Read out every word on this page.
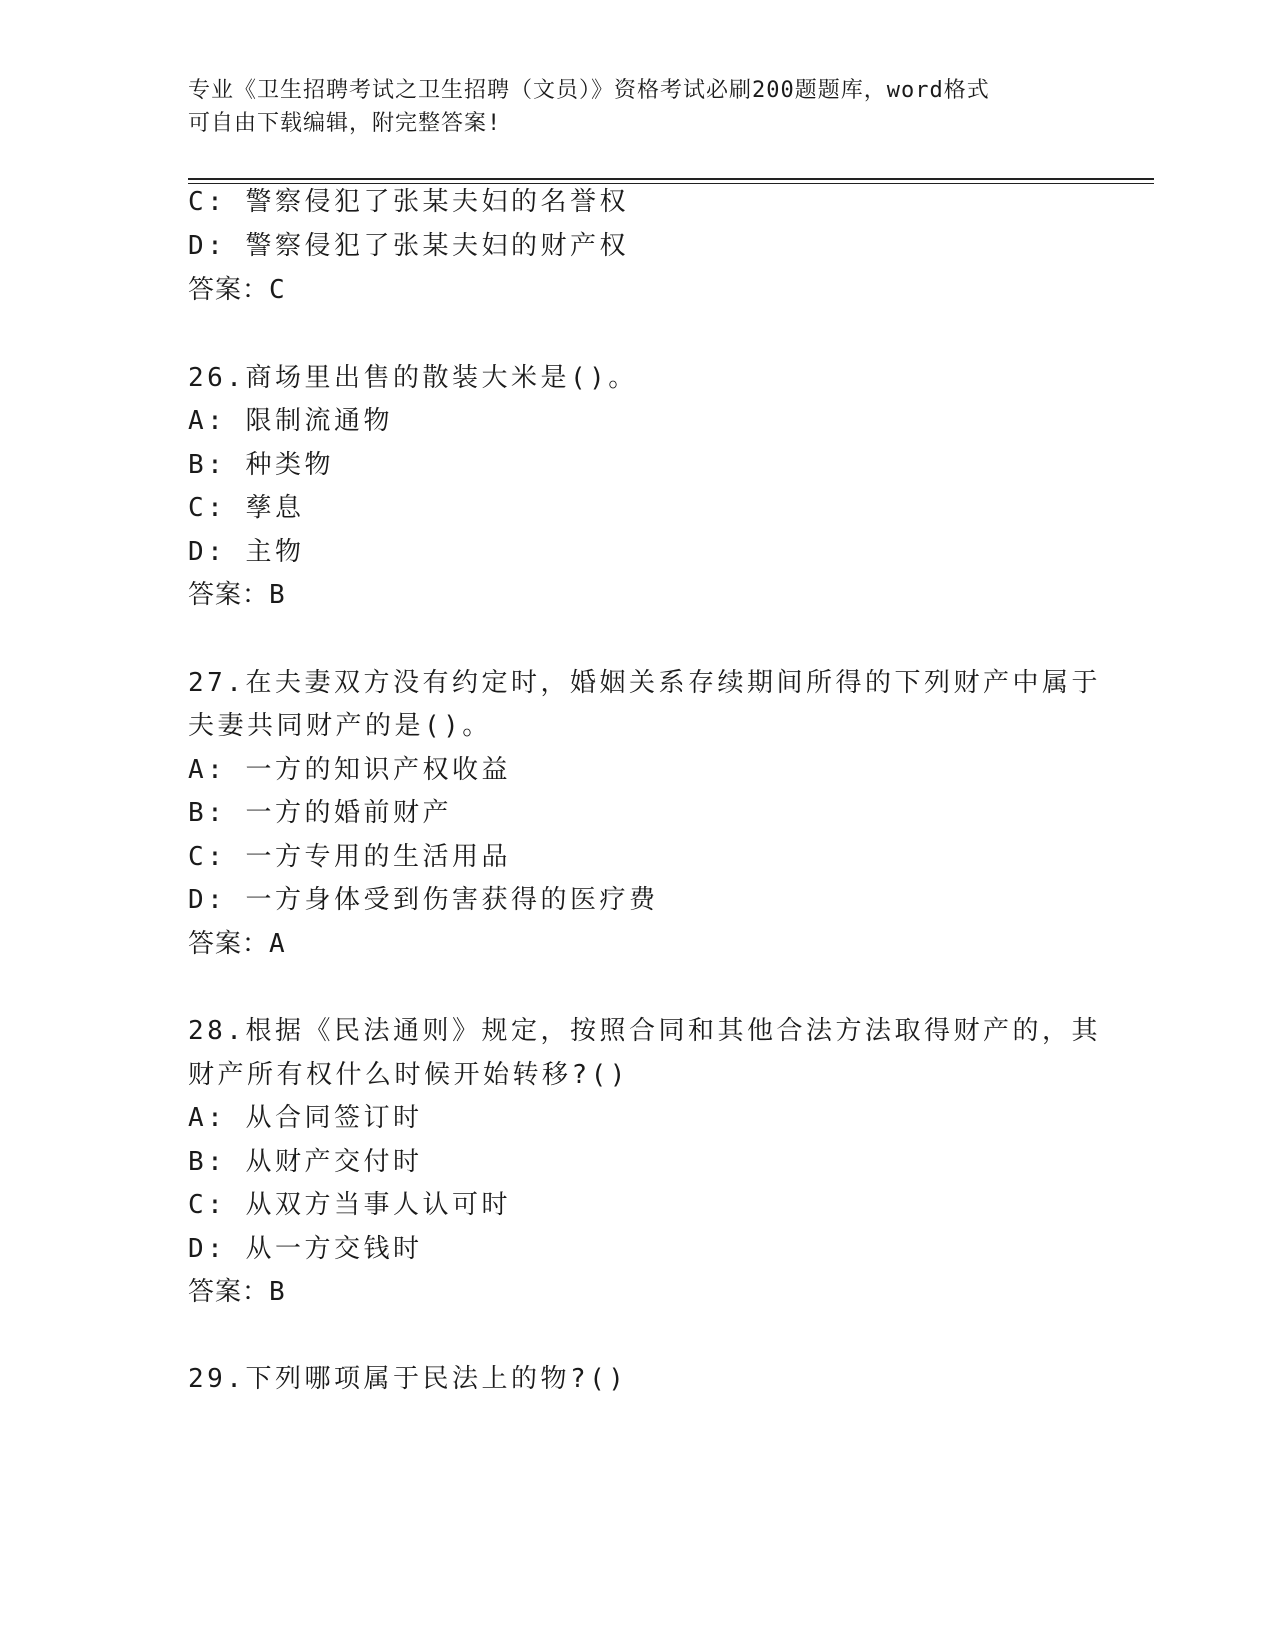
专业《卫生招聘考试之卫生招聘（文员）》资格考试必刷200题题库，word格式
可自由下载编辑，附完整答案!
C: 警察侵犯了张某夫妇的名誉权
D: 警察侵犯了张某夫妇的财产权
答案：C
26.商场里出售的散装大米是()。
A: 限制流通物
B: 种类物
C: 孳息
D: 主物
答案：B
27.在夫妻双方没有约定时，婚姻关系存续期间所得的下列财产中属于
夫妻共同财产的是()。
A: 一方的知识产权收益
B: 一方的婚前财产
C: 一方专用的生活用品
D: 一方身体受到伤害获得的医疗费
答案：A
28.根据《民法通则》规定，按照合同和其他合法方法取得财产的，其
财产所有权什么时候开始转移?()
A: 从合同签订时
B: 从财产交付时
C: 从双方当事人认可时
D: 从一方交钱时
答案：B
29.下列哪项属于民法上的物?()
